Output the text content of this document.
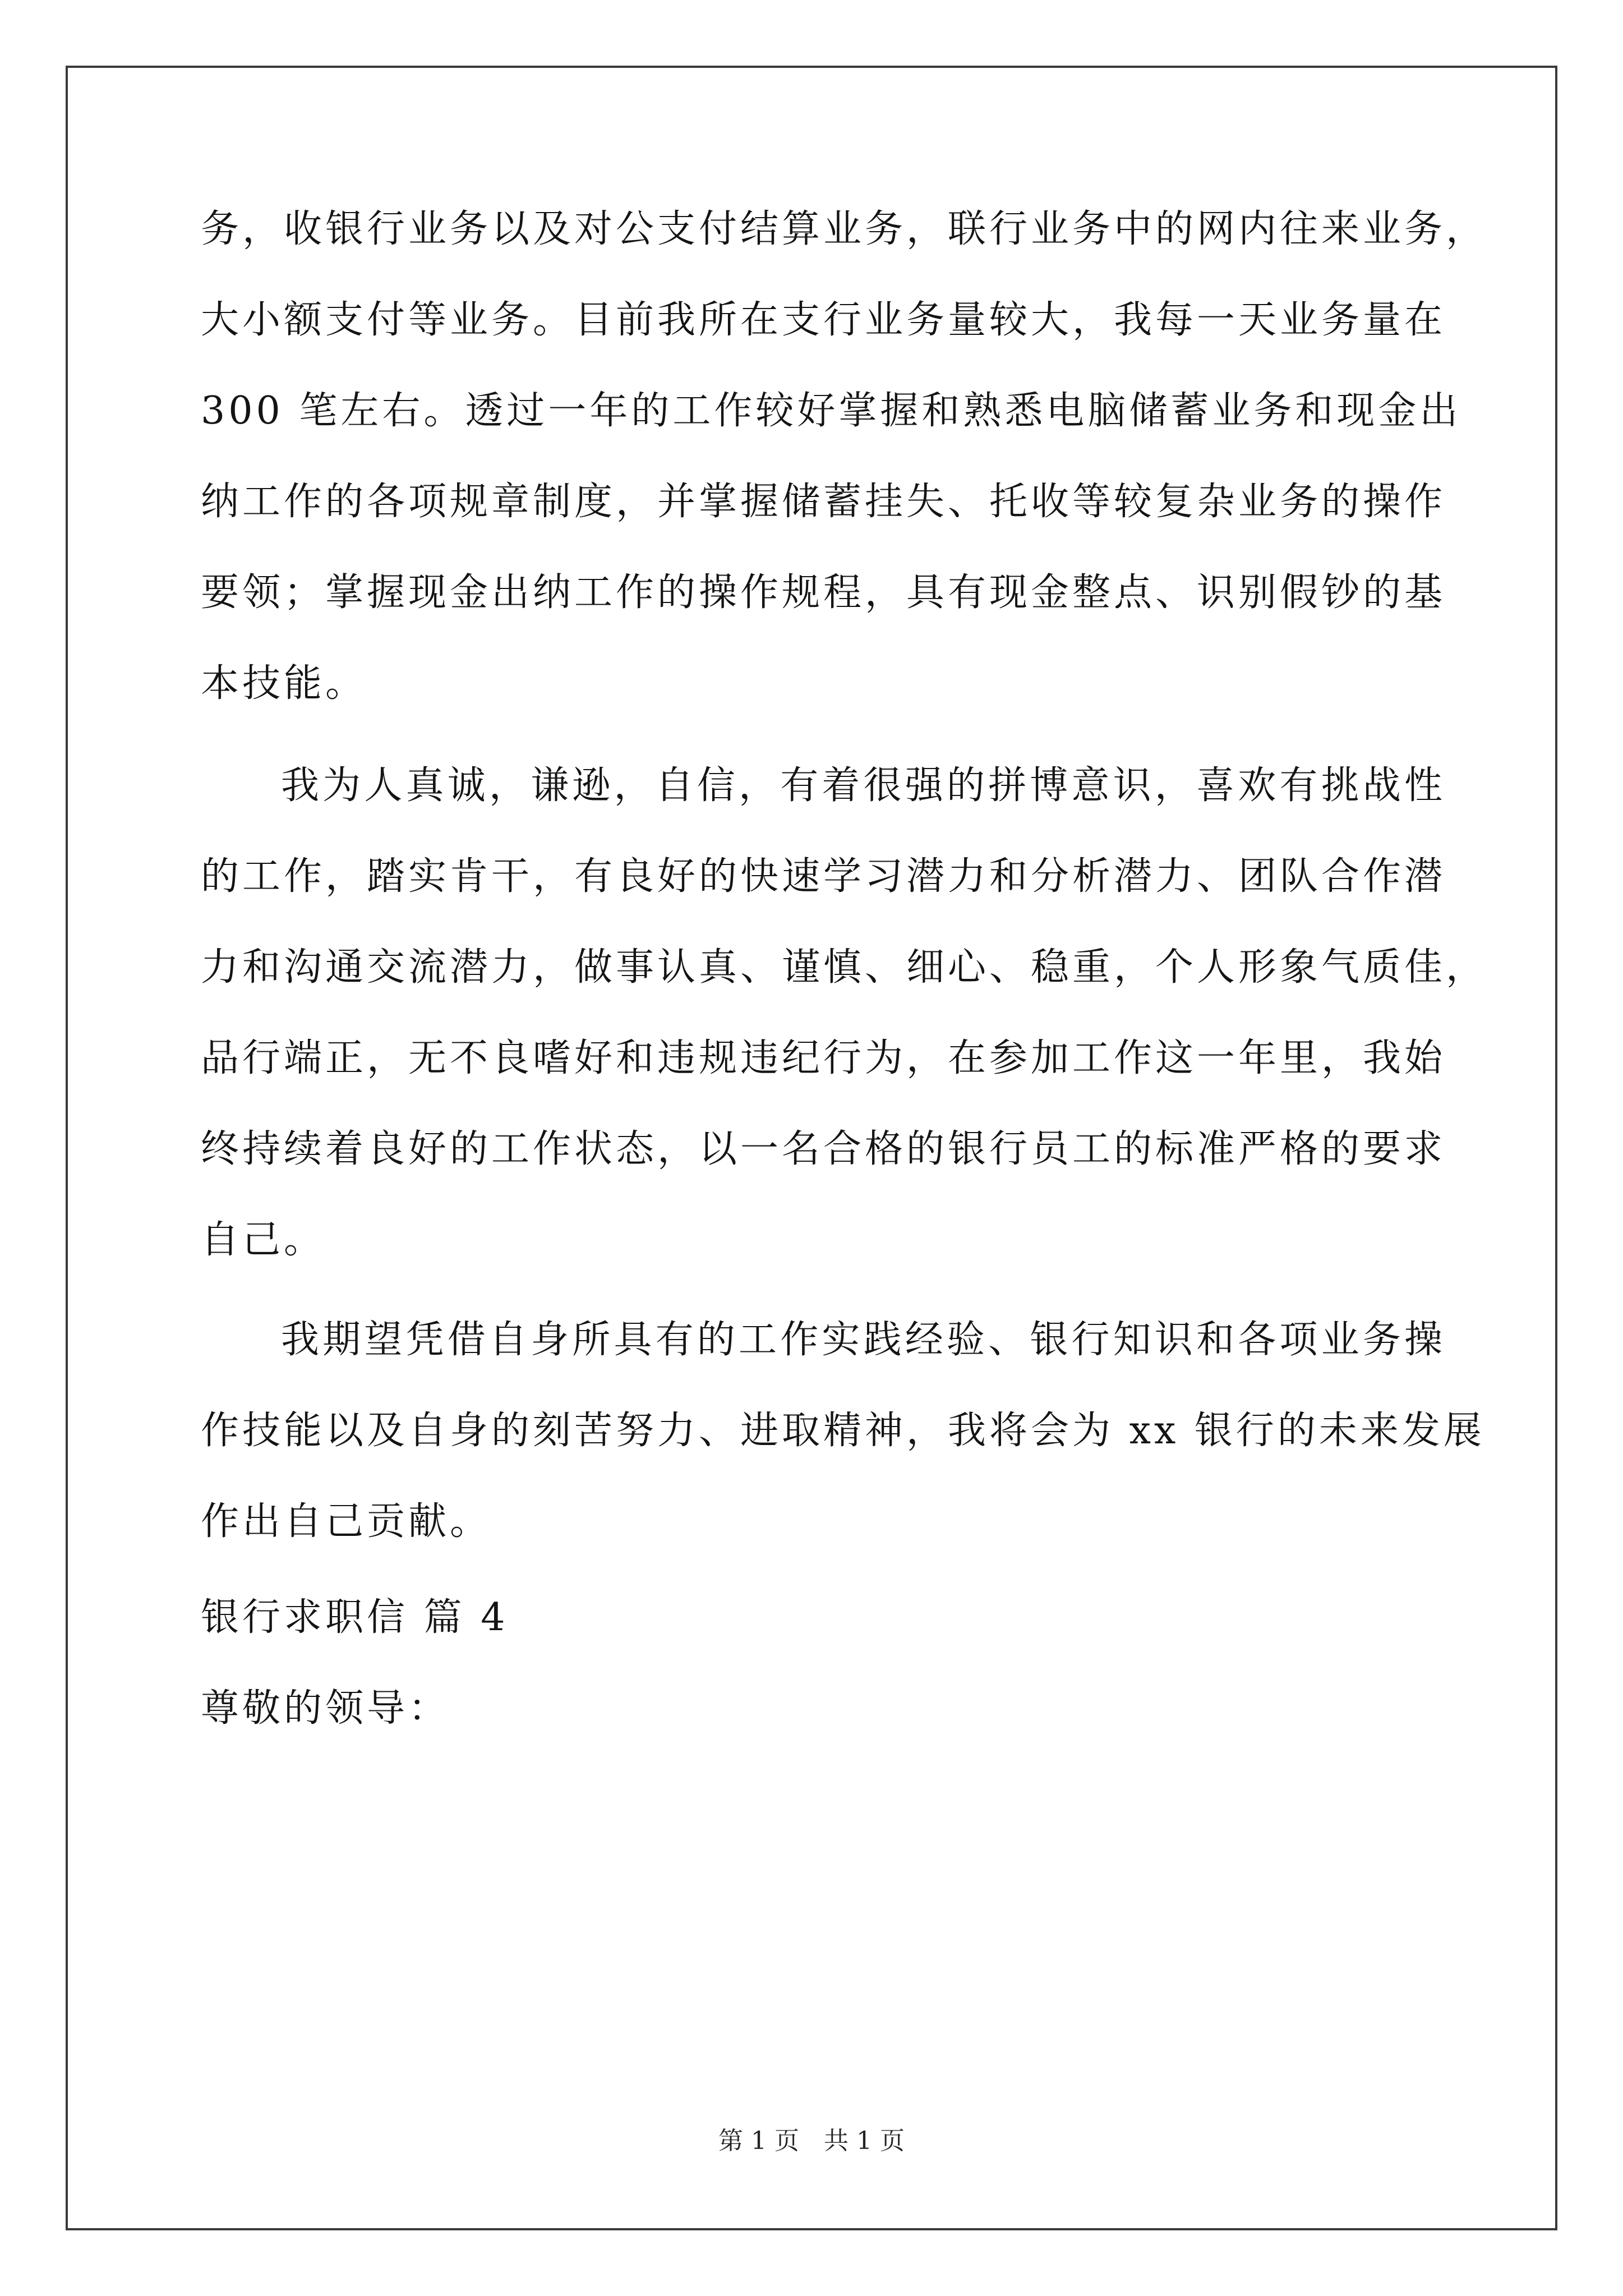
务，收银行业务以及对公支付结算业务，联行业务中的网内往来业务，
大小额支付等业务。目前我所在支行业务量较大，我每一天业务量在
300 笔左右。透过一年的工作较好掌握和熟悉电脑储蓄业务和现金出
纳工作的各项规章制度，并掌握储蓄挂失、托收等较复杂业务的操作
要领；掌握现金出纳工作的操作规程，具有现金整点、识别假钞的基
本技能。
我为人真诚，谦逊，自信，有着很强的拼博意识，喜欢有挑战性
的工作，踏实肯干，有良好的快速学习潜力和分析潜力、团队合作潜
力和沟通交流潜力，做事认真、谨慎、细心、稳重，个人形象气质佳，
品行端正，无不良嗜好和违规违纪行为，在参加工作这一年里，我始
终持续着良好的工作状态，以一名合格的银行员工的标准严格的要求
自己。
我期望凭借自身所具有的工作实践经验、银行知识和各项业务操
作技能以及自身的刻苦努力、进取精神，我将会为 xx 银行的未来发展
作出自己贡献。
银行求职信 篇 4
尊敬的领导：
第 1 页　共 1 页
